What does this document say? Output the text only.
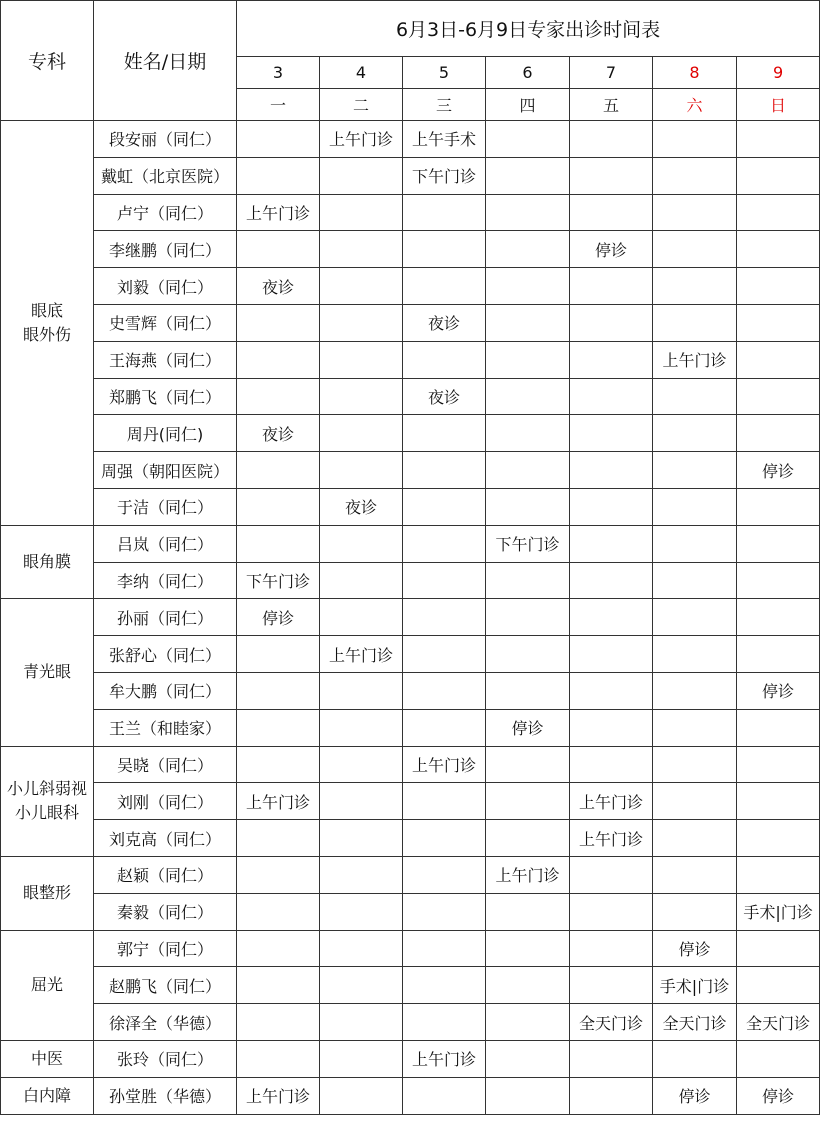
专科	姓名/日期	6月3日-6月9日专家出诊时间表						
		3	4	5	6	7	8	9
		一	二	三	四	五	六	日

眼底
眼外伤	段安丽（同仁）		上午门诊	上午手术				
	戴虹（北京医院）			下午门诊				
	卢宁（同仁）	上午门诊						
	李继鹏（同仁）					停诊		
	刘毅（同仁）	夜诊						
	史雪辉（同仁）			夜诊				
	王海燕（同仁）						上午门诊	
	郑鹏飞（同仁）			夜诊				
	周丹(同仁)	夜诊						
	周强（朝阳医院）							停诊
	于洁（同仁）		夜诊					

眼角膜	吕岚（同仁）				下午门诊			
	李纳（同仁）	下午门诊						

青光眼	孙丽（同仁）	停诊						
	张舒心（同仁）		上午门诊					
	牟大鹏（同仁）							停诊
	王兰（和睦家）				停诊			

小儿斜弱视
小儿眼科	吴晓（同仁）			上午门诊				
	刘刚（同仁）	上午门诊				上午门诊		
	刘克高（同仁）					上午门诊		

眼整形	赵颖（同仁）				上午门诊			
	秦毅（同仁）							手术|门诊

屈光	郭宁（同仁）						停诊	
	赵鹏飞（同仁）						手术|门诊	
	徐泽全（华德）					全天门诊	全天门诊	全天门诊

中医	张玲（同仁）			上午门诊				

白内障	孙堂胜（华德）	上午门诊					停诊	停诊
